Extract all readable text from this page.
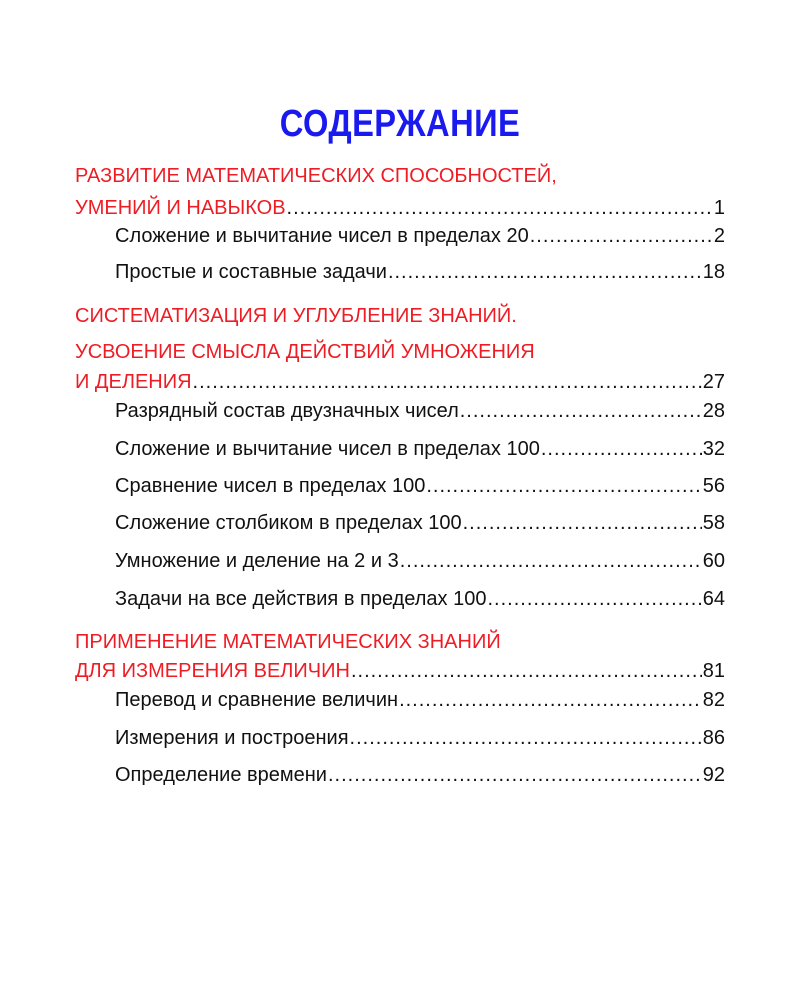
СОДЕРЖАНИЕ
РАЗВИТИЕ МАТЕМАТИЧЕСКИХ СПОСОБНОСТЕЙ,
УМЕНИЙ И НАВЫКОВ .....	1
Сложение и вычитание чисел в пределах 20 .....	2
Простые и составные задачи .....	18
СИСТЕМАТИЗАЦИЯ И УГЛУБЛЕНИЕ ЗНАНИЙ.
УСВОЕНИЕ СМЫСЛА ДЕЙСТВИЙ УМНОЖЕНИЯ
И ДЕЛЕНИЯ .....	27
Разрядный состав двузначных чисел .....	28
Сложение и вычитание чисел в пределах 100 .....	32
Сравнение чисел в пределах 100 .....	56
Сложение столбиком в пределах 100 .....	58
Умножение и деление на 2 и 3 .....	60
Задачи на все действия в пределах 100 .....	64
ПРИМЕНЕНИЕ МАТЕМАТИЧЕСКИХ ЗНАНИЙ
ДЛЯ ИЗМЕРЕНИЯ ВЕЛИЧИН .....	81
Перевод и сравнение величин .....	82
Измерения и построения .....	86
Определение времени .....	92
